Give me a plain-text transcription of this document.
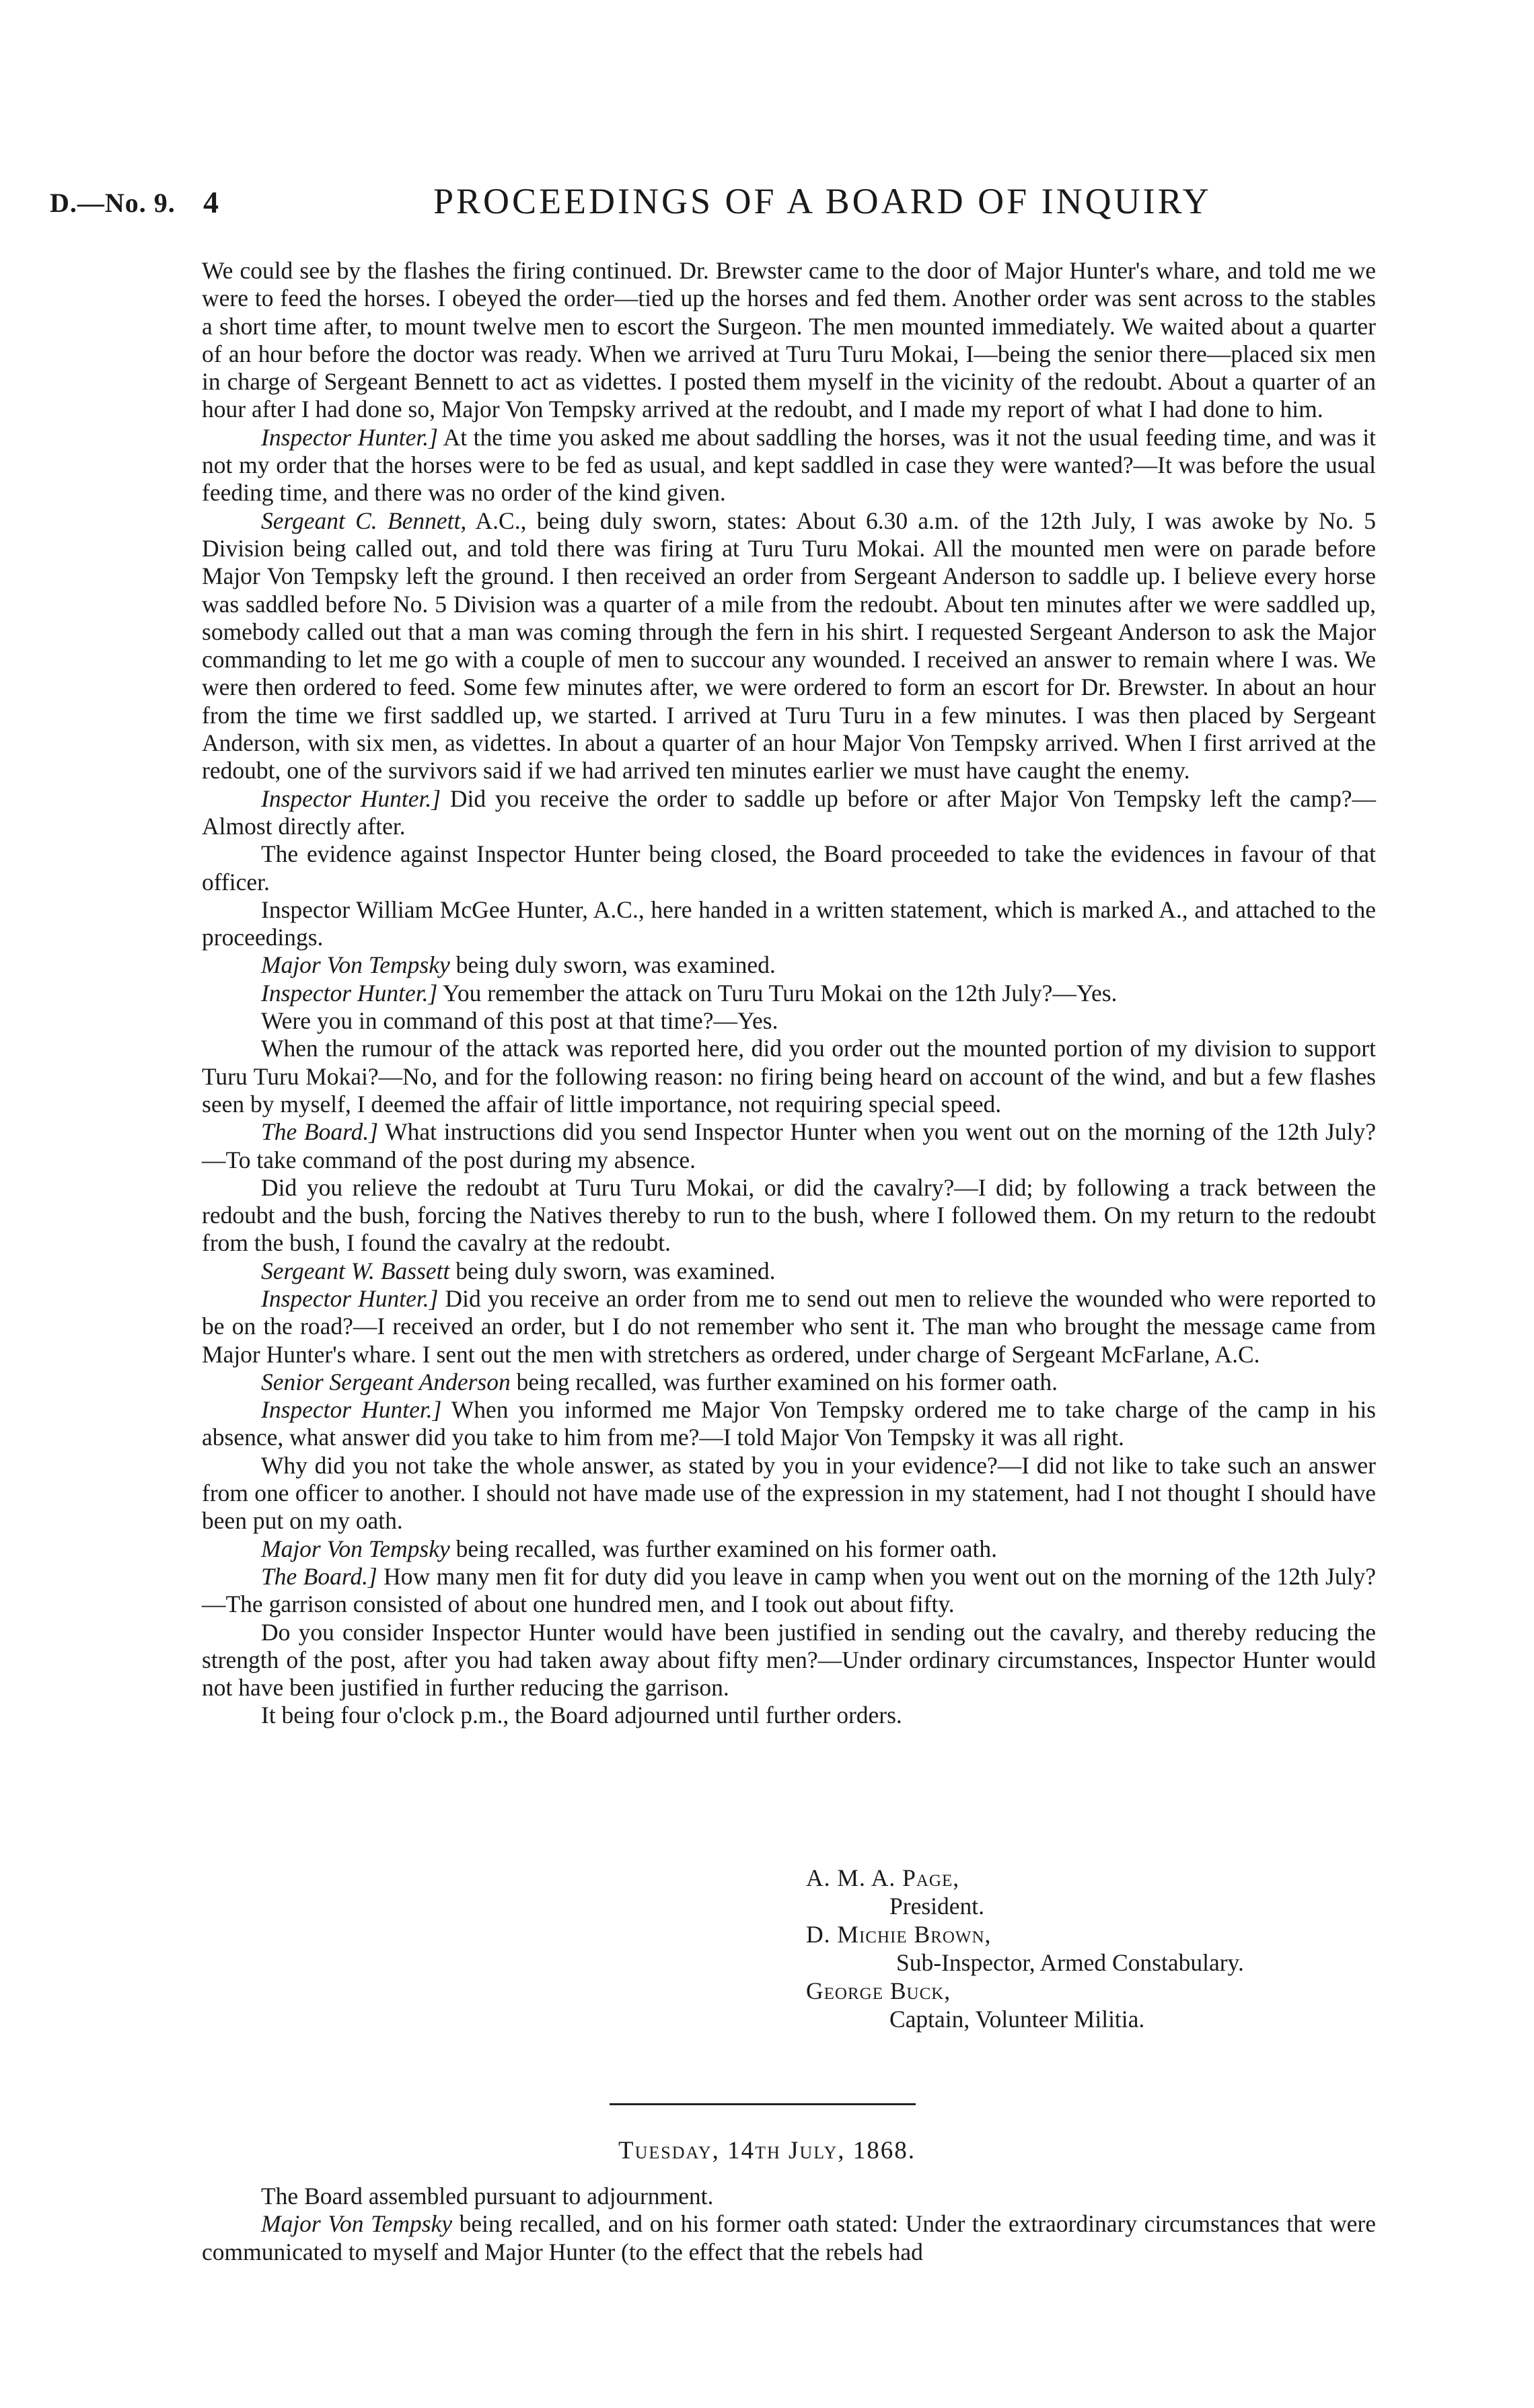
D.—No. 9. 4	PROCEEDINGS OF A BOARD OF INQUIRY

We could see by the flashes the firing continued. Dr. Brewster came to the door of Major Hunter's whare, and told me we were to feed the horses. I obeyed the order—tied up the horses and fed them. Another order was sent across to the stables a short time after, to mount twelve men to escort the Surgeon. The men mounted immediately. We waited about a quarter of an hour before the doctor was ready. When we arrived at Turu Turu Mokai, I—being the senior there—placed six men in charge of Sergeant Bennett to act as videttes. I posted them myself in the vicinity of the redoubt. About a quarter of an hour after I had done so, Major Von Tempsky arrived at the redoubt, and I made my report of what I had done to him.

Inspector Hunter.] At the time you asked me about saddling the horses, was it not the usual feeding time, and was it not my order that the horses were to be fed as usual, and kept saddled in case they were wanted?—It was before the usual feeding time, and there was no order of the kind given.

Sergeant C. Bennett, A.C., being duly sworn, states: About 6.30 a.m. of the 12th July, I was awoke by No. 5 Division being called out, and told there was firing at Turu Turu Mokai. All the mounted men were on parade before Major Von Tempsky left the ground. I then received an order from Sergeant Anderson to saddle up. I believe every horse was saddled before No. 5 Division was a quarter of a mile from the redoubt. About ten minutes after we were saddled up, somebody called out that a man was coming through the fern in his shirt. I requested Sergeant Anderson to ask the Major commanding to let me go with a couple of men to succour any wounded. I received an answer to remain where I was. We were then ordered to feed. Some few minutes after, we were ordered to form an escort for Dr. Brewster. In about an hour from the time we first saddled up, we started. I arrived at Turu Turu in a few minutes. I was then placed by Sergeant Anderson, with six men, as videttes. In about a quarter of an hour Major Von Tempsky arrived. When I first arrived at the redoubt, one of the survivors said if we had arrived ten minutes earlier we must have caught the enemy.

Inspector Hunter.] Did you receive the order to saddle up before or after Major Von Tempsky left the camp?—Almost directly after.

The evidence against Inspector Hunter being closed, the Board proceeded to take the evidences in favour of that officer.

Inspector William McGee Hunter, A.C., here handed in a written statement, which is marked A., and attached to the proceedings.

Major Von Tempsky being duly sworn, was examined.

Inspector Hunter.] You remember the attack on Turu Turu Mokai on the 12th July?—Yes.

Were you in command of this post at that time?—Yes.

When the rumour of the attack was reported here, did you order out the mounted portion of my division to support Turu Turu Mokai?—No, and for the following reason: no firing being heard on account of the wind, and but a few flashes seen by myself, I deemed the affair of little importance, not requiring special speed.

The Board.] What instructions did you send Inspector Hunter when you went out on the morning of the 12th July?—To take command of the post during my absence.

Did you relieve the redoubt at Turu Turu Mokai, or did the cavalry?—I did; by following a track between the redoubt and the bush, forcing the Natives thereby to run to the bush, where I followed them. On my return to the redoubt from the bush, I found the cavalry at the redoubt.

Sergeant W. Bassett being duly sworn, was examined.

Inspector Hunter.] Did you receive an order from me to send out men to relieve the wounded who were reported to be on the road?—I received an order, but I do not remember who sent it. The man who brought the message came from Major Hunter's whare. I sent out the men with stretchers as ordered, under charge of Sergeant McFarlane, A.C.

Senior Sergeant Anderson being recalled, was further examined on his former oath.

Inspector Hunter.] When you informed me Major Von Tempsky ordered me to take charge of the camp in his absence, what answer did you take to him from me?—I told Major Von Tempsky it was all right.

Why did you not take the whole answer, as stated by you in your evidence?—I did not like to take such an answer from one officer to another. I should not have made use of the expression in my statement, had I not thought I should have been put on my oath.

Major Von Tempsky being recalled, was further examined on his former oath.

The Board.] How many men fit for duty did you leave in camp when you went out on the morning of the 12th July?—The garrison consisted of about one hundred men, and I took out about fifty.

Do you consider Inspector Hunter would have been justified in sending out the cavalry, and thereby reducing the strength of the post, after you had taken away about fifty men?—Under ordinary circumstances, Inspector Hunter would not have been justified in further reducing the garrison.

It being four o'clock p.m., the Board adjourned until further orders.

A. M. A. Page,
President.
D. Michie Brown,
Sub-Inspector, Armed Constabulary.
George Buck,
Captain, Volunteer Militia.
Tuesday, 14th July, 1868.

The Board assembled pursuant to adjournment.

Major Von Tempsky being recalled, and on his former oath stated: Under the extraordinary circumstances that were communicated to myself and Major Hunter (to the effect that the rebels had
